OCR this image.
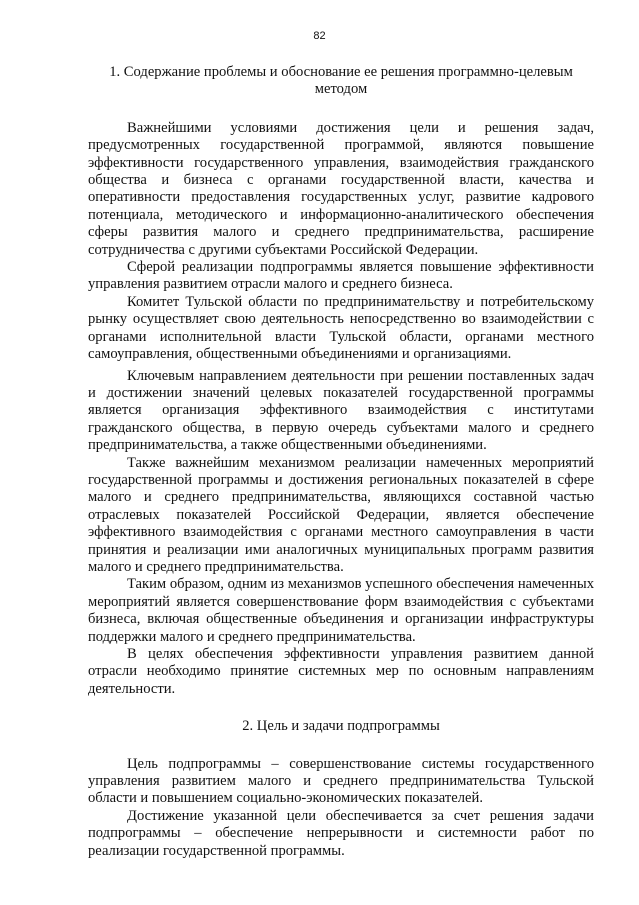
82
1. Содержание проблемы и обоснование ее решения программно-целевым
методом

Важнейшими условиями достижения цели и решения задач, предусмотренных государственной программой, являются повышение эффективности государственного управления, взаимодействия гражданского общества и бизнеса с органами государственной власти, качества и оперативности предоставления государственных услуг, развитие кадрового потенциала, методического и информационно-аналитического обеспечения сферы развития малого и среднего предпринимательства, расширение сотрудничества с другими субъектами Российской Федерации.

Сферой реализации подпрограммы является повышение эффективности управления развитием отрасли малого и среднего бизнеса.

Комитет Тульской области по предпринимательству и потребительскому рынку осуществляет свою деятельность непосредственно во взаимодействии с органами исполнительной власти Тульской области, органами местного самоуправления, общественными объединениями и организациями.

Ключевым направлением деятельности при решении поставленных задач и достижении значений целевых показателей государственной программы является организация эффективного взаимодействия с институтами гражданского общества, в первую очередь субъектами малого и среднего предпринимательства, а также общественными объединениями.

Также важнейшим механизмом реализации намеченных мероприятий государственной программы и достижения региональных показателей в сфере малого и среднего предпринимательства, являющихся составной частью отраслевых показателей Российской Федерации, является обеспечение эффективного взаимодействия с органами местного самоуправления в части принятия и реализации ими аналогичных муниципальных программ развития малого и среднего предпринимательства.

Таким образом, одним из механизмов успешного обеспечения намеченных мероприятий является совершенствование форм взаимодействия с субъектами бизнеса, включая общественные объединения и организации инфраструктуры поддержки малого и среднего предпринимательства.

В целях обеспечения эффективности управления развитием данной отрасли необходимо принятие системных мер по основным направлениям деятельности.

2. Цель и задачи подпрограммы

Цель подпрограммы – совершенствование системы государственного управления развитием малого и среднего предпринимательства Тульской области и повышением социально-экономических показателей.

Достижение указанной цели обеспечивается за счет решения задачи подпрограммы – обеспечение непрерывности и системности работ по реализации государственной программы.
